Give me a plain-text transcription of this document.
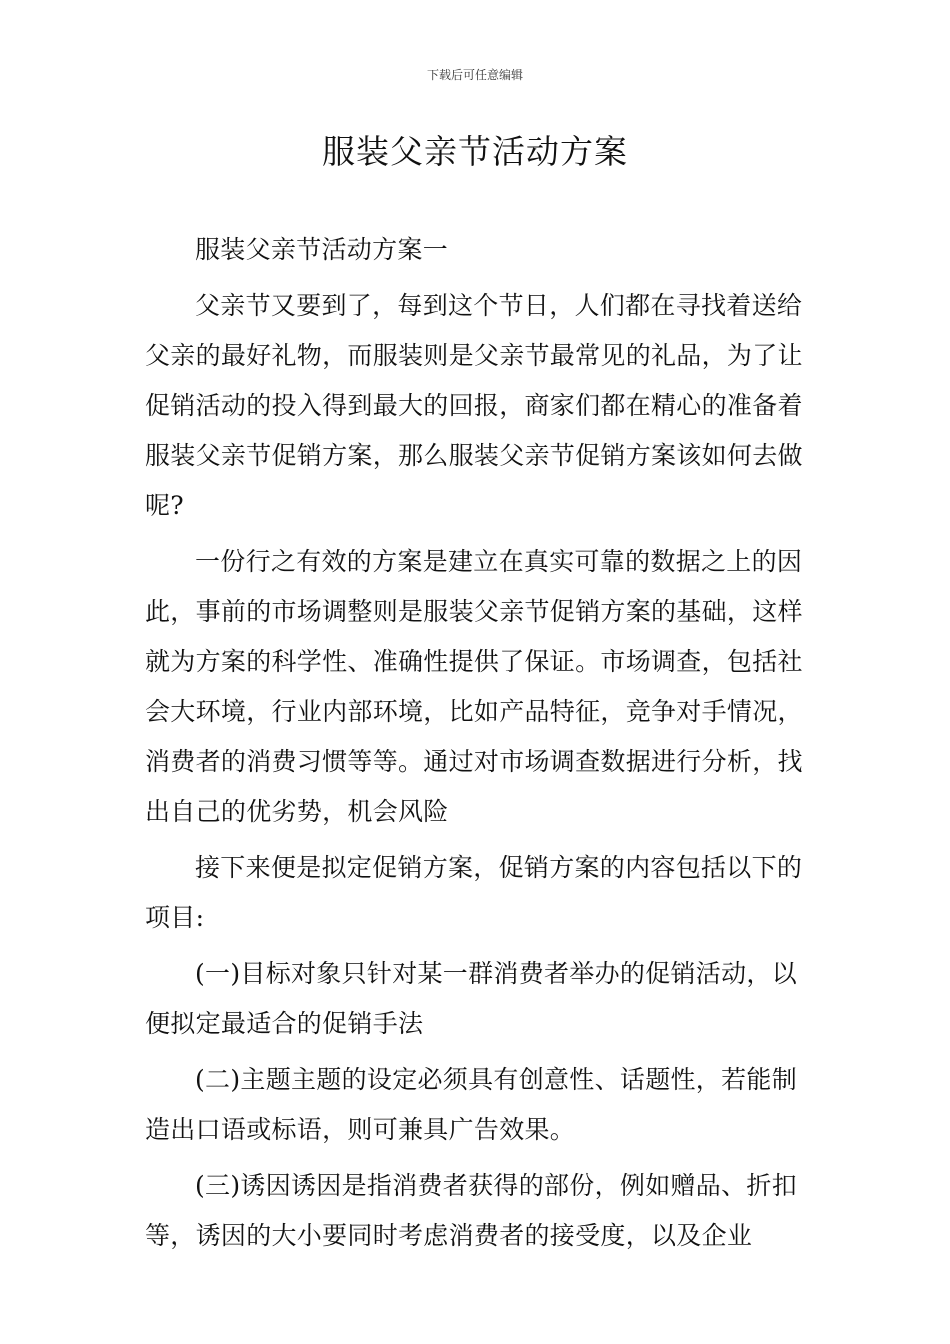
下载后可任意编辑
服装父亲节活动方案

服装父亲节活动方案一

父亲节又要到了，每到这个节日，人们都在寻找着送给父亲的最好礼物，而服装则是父亲节最常见的礼品，为了让促销活动的投入得到最大的回报，商家们都在精心的准备着服装父亲节促销方案，那么服装父亲节促销方案该如何去做呢?

一份行之有效的方案是建立在真实可靠的数据之上的因此，事前的市场调整则是服装父亲节促销方案的基础，这样就为方案的科学性、准确性提供了保证。市场调查，包括社会大环境，行业内部环境，比如产品特征，竞争对手情况，消费者的消费习惯等等。通过对市场调查数据进行分析，找出自己的优劣势，机会风险

接下来便是拟定促销方案，促销方案的内容包括以下的项目:

(一)目标对象只针对某一群消费者举办的促销活动，以便拟定最适合的促销手法

(二)主题主题的设定必须具有创意性、话题性，若能制造出口语或标语，则可兼具广告效果。

(三)诱因诱因是指消费者获得的部份，例如赠品、折扣等，诱因的大小要同时考虑消费者的接受度，以及企业
